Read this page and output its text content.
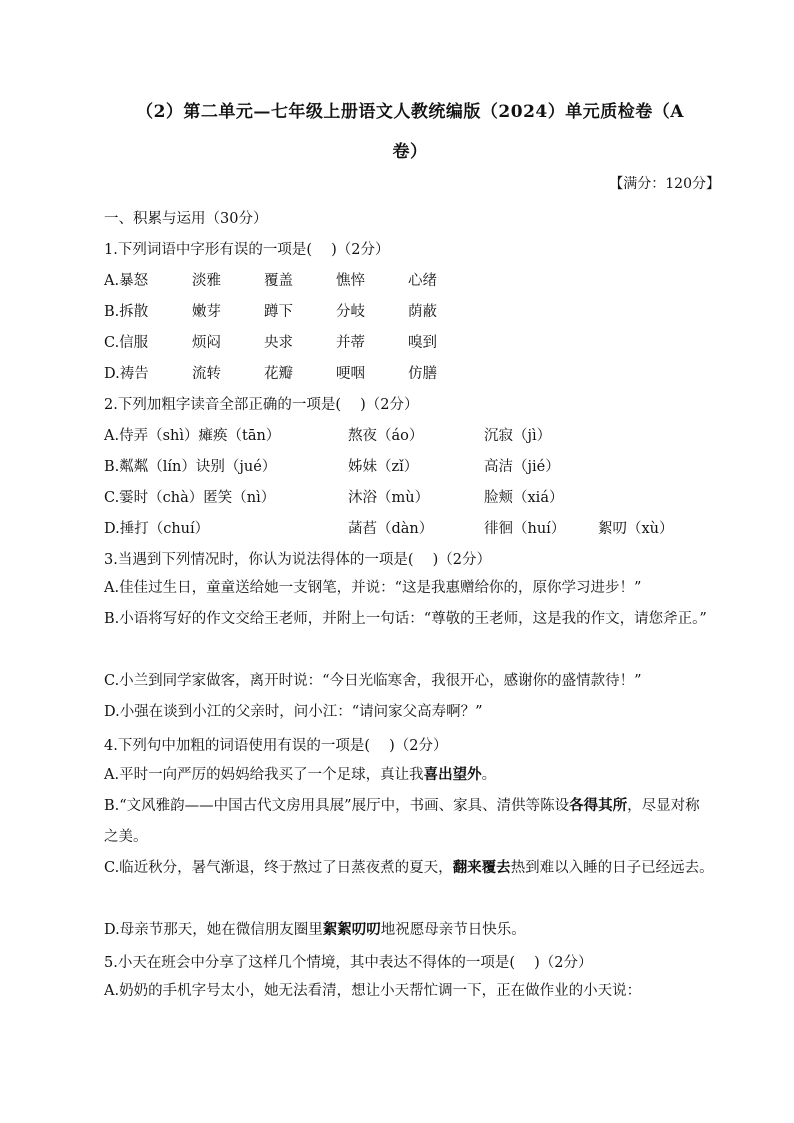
（2）第二单元—七年级上册语文人教统编版（2024）单元质检卷（A
卷）
【满分：120分】
一、积累与运用（30分）
1.下列词语中字形有误的一项是(　 )（2分）
A.暴怒	淡雅	覆盖	憔悴	心绪
B.拆散	嫩芽	蹲下	分岐	荫蔽
C.信服	烦闷	央求	并蒂	嗅到
D.祷告	流转	花瓣	哽咽	仿膳
2.下列加粗字读音全部正确的一项是(　 )（2分）
A.侍弄（shì）瘫痪（tān）	熬夜（áo）	沉寂（jì）
B.粼粼（lín）诀别（jué）	姊妹（zǐ）	高洁（jié）
C.霎时（chà）匿笑（nì）	沐浴（mù）	脸颊（xiá）
D.捶打（chuí）	菡萏（dàn）	徘徊（huí） 絮叨（xù）
3.当遇到下列情况时，你认为说法得体的一项是(　 )（2分）
A.佳佳过生日，童童送给她一支钢笔，并说：“这是我惠赠给你的，原你学习进步！”
B.小语将写好的作文交给王老师，并附上一句话：“尊敬的王老师，这是我的作文，请您斧正。”
C.小兰到同学家做客，离开时说：“今日光临寒舍，我很开心，感谢你的盛情款待！”
D.小强在谈到小江的父亲时，问小江：“请问家父高寿啊？”
4.下列句中加粗的词语使用有误的一项是(　 )（2分）
A.平时一向严厉的妈妈给我买了一个足球，真让我喜出望外。
B.“文风雅韵——中国古代文房用具展”展厅中，书画、家具、清供等陈设各得其所，尽显对称之美。
C.临近秋分，暑气渐退，终于熬过了日蒸夜煮的夏天，翻来覆去热到难以入睡的日子已经远去。
D.母亲节那天，她在微信朋友圈里絮絮叨叨地祝愿母亲节日快乐。
5.小天在班会中分享了这样几个情境，其中表达不得体的一项是(　 )（2分）
A.奶奶的手机字号太小，她无法看清，想让小天帮忙调一下，正在做作业的小天说：
